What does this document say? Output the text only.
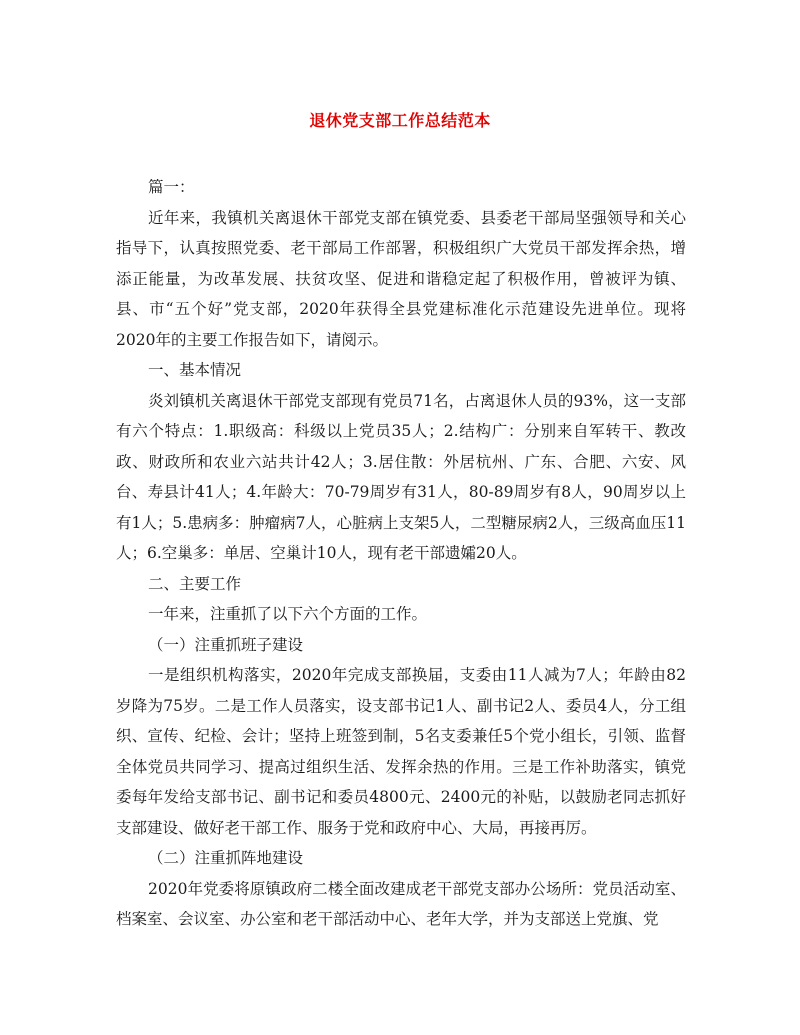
退休党支部工作总结范本

篇一：

近年来，我镇机关离退休干部党支部在镇党委、县委老干部局坚强领导和关心指导下，认真按照党委、老干部局工作部署，积极组织广大党员干部发挥余热，增添正能量，为改革发展、扶贫攻坚、促进和谐稳定起了积极作用，曾被评为镇、县、市“五个好”党支部，2020年获得全县党建标准化示范建设先进单位。现将2020年的主要工作报告如下，请阅示。

一、基本情况

炎刘镇机关离退休干部党支部现有党员71名，占离退休人员的93%，这一支部有六个特点：1.职级高：科级以上党员35人；2.结构广：分别来自军转干、教改政、财政所和农业六站共计42人；3.居住散：外居杭州、广东、合肥、六安、风台、寿县计41人；4.年龄大：70-79周岁有31人，80-89周岁有8人，90周岁以上有1人；5.患病多：肿瘤病7人，心脏病上支架5人，二型糖尿病2人，三级高血压11人；6.空巢多：单居、空巢计10人，现有老干部遗孀20人。

二、主要工作

一年来，注重抓了以下六个方面的工作。

（一）注重抓班子建设

一是组织机构落实，2020年完成支部换届，支委由11人减为7人；年龄由82岁降为75岁。二是工作人员落实，设支部书记1人、副书记2人、委员4人，分工组织、宣传、纪检、会计；坚持上班签到制，5名支委兼任5个党小组长，引领、监督全体党员共同学习、提高过组织生活、发挥余热的作用。三是工作补助落实，镇党委每年发给支部书记、副书记和委员4800元、2400元的补贴，以鼓励老同志抓好支部建设、做好老干部工作、服务于党和政府中心、大局，再接再厉。

（二）注重抓阵地建设

2020年党委将原镇政府二楼全面改建成老干部党支部办公场所：党员活动室、档案室、会议室、办公室和老干部活动中心、老年大学，并为支部送上党旗、党
